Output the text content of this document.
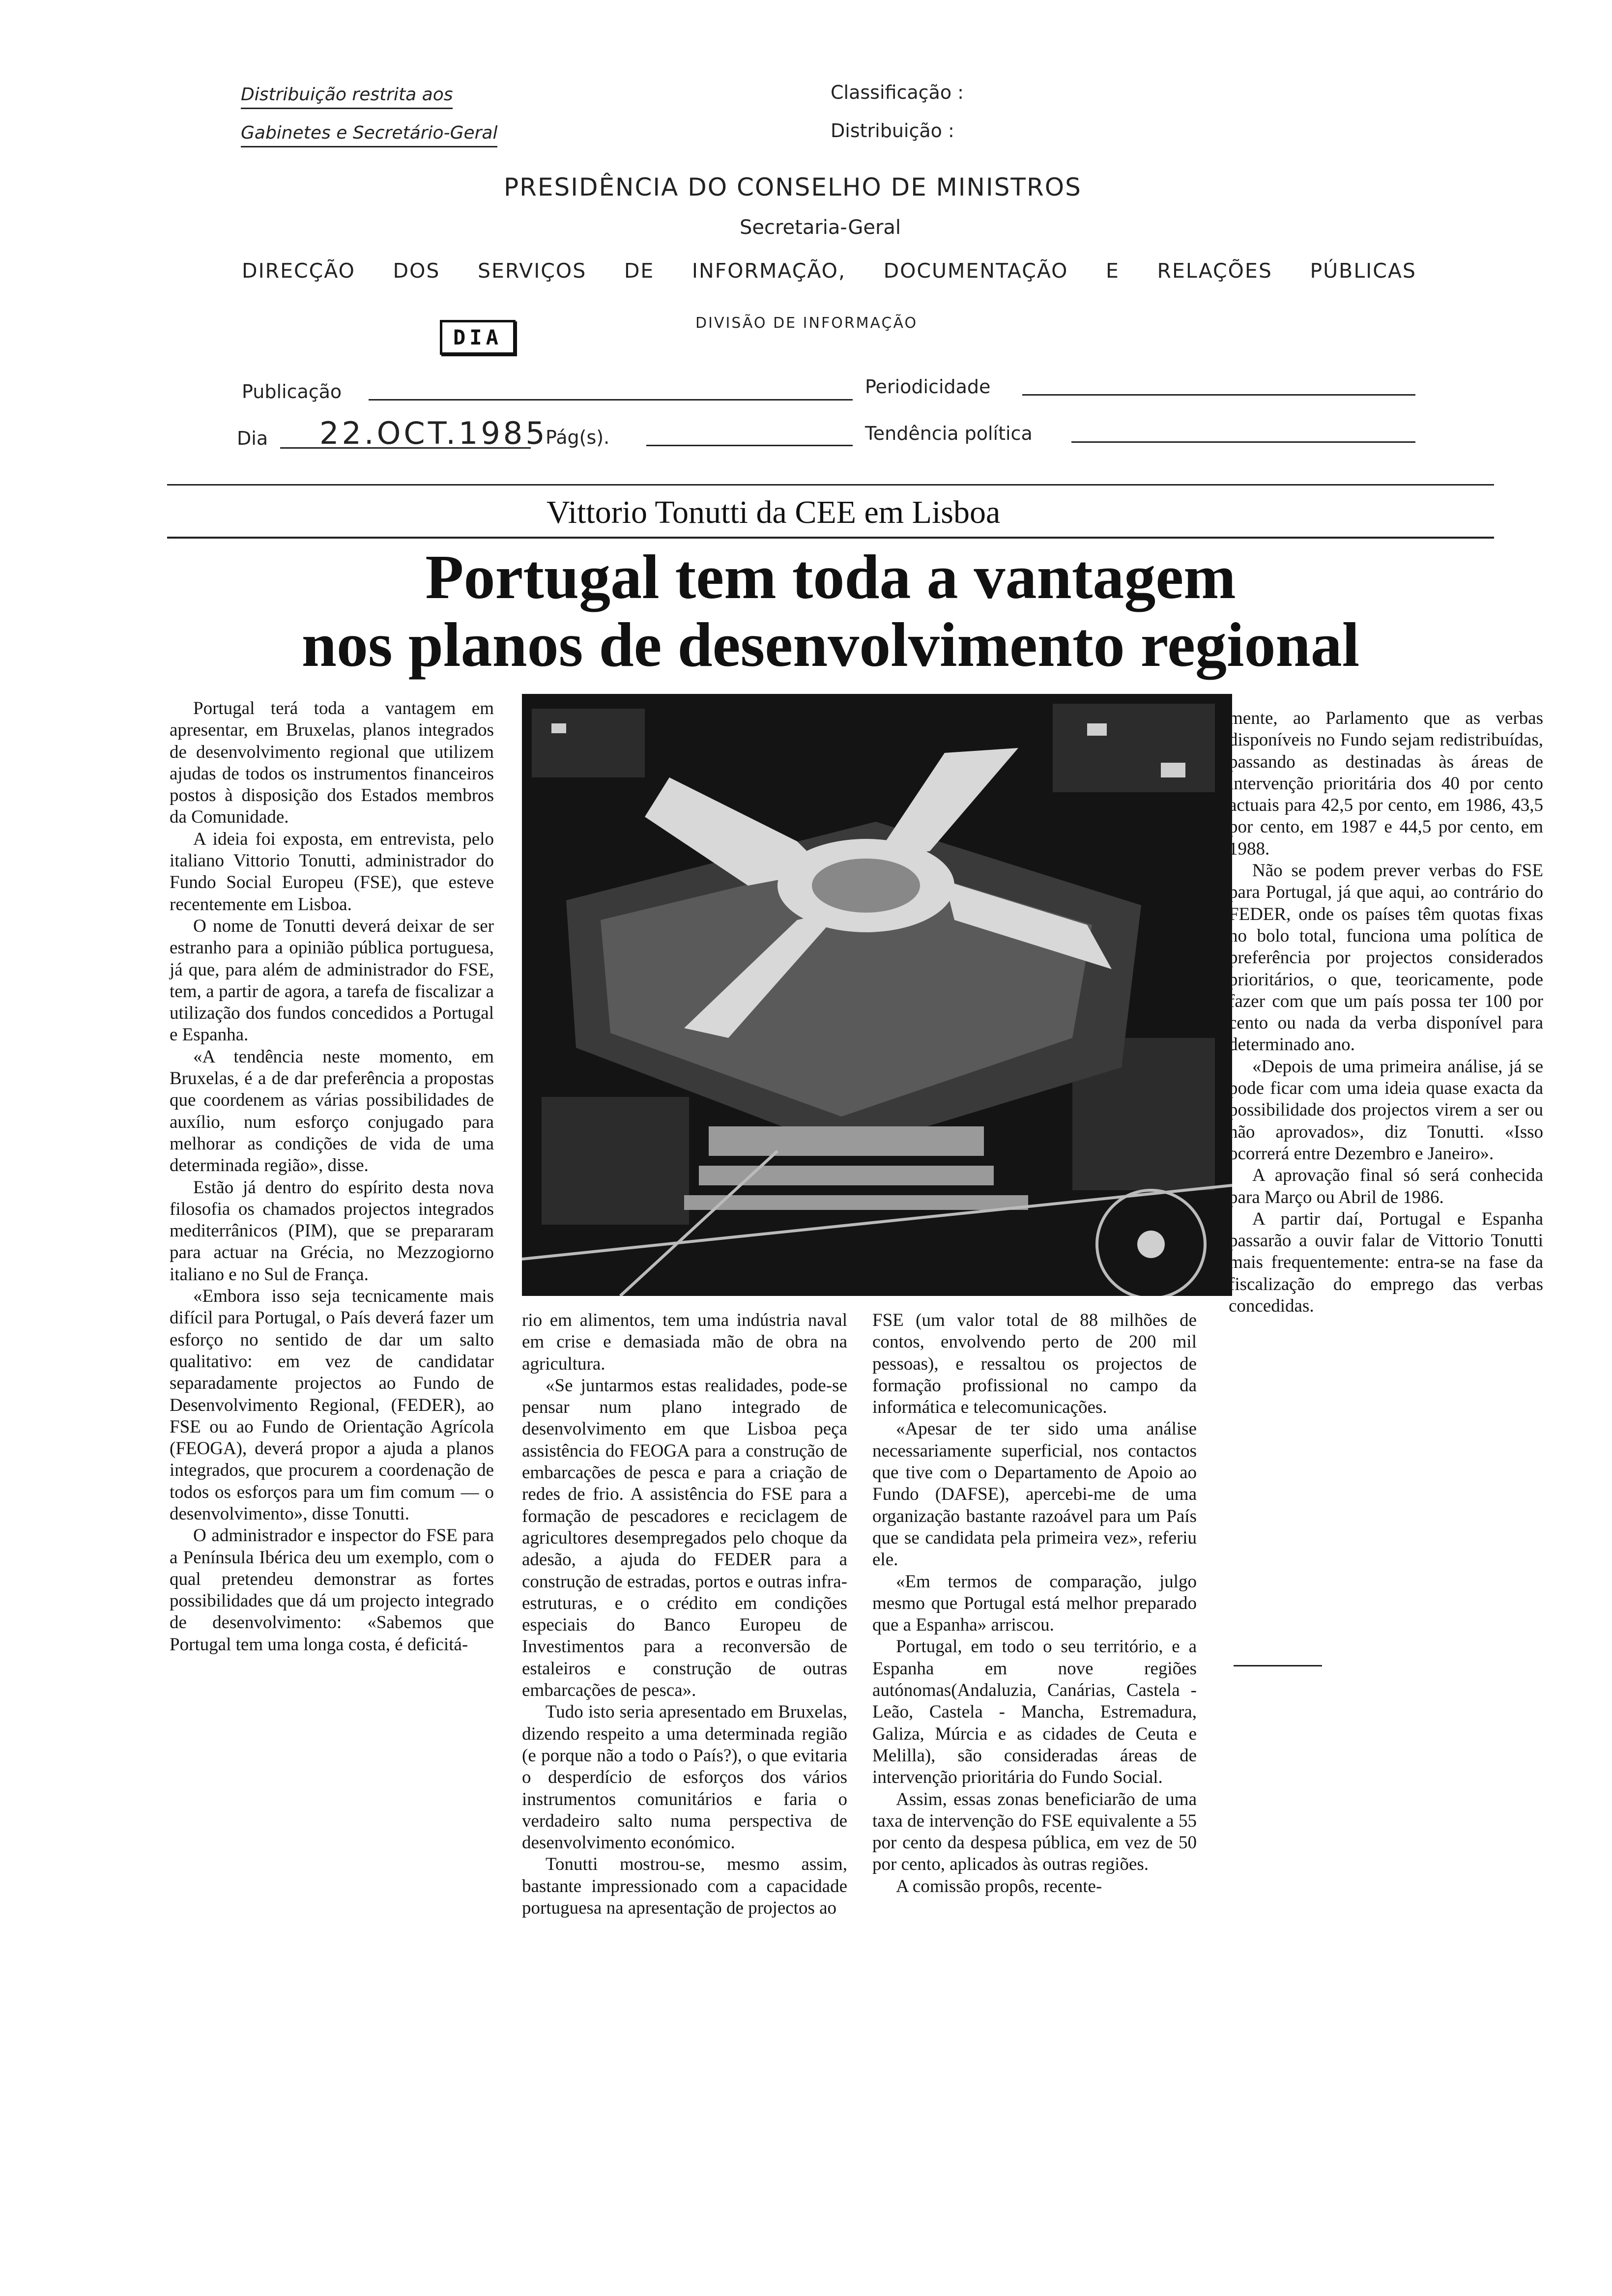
Distribuição restrita aos
Gabinetes e Secretário-Geral
Classificação :
Distribuição :
PRESIDÊNCIA DO CONSELHO DE MINISTROS
Secretaria-Geral
DIRECÇÃO DOS SERVIÇOS DE INFORMAÇÃO, DOCUMENTAÇÃO E RELAÇÕES PÚBLICAS
DIVISÃO DE INFORMAÇÃO
DIA
Publicação	Periodicidade
Dia 22.OCT.1985
Pág(s).	Tendência política
Vittorio Tonutti da CEE em Lisboa
Portugal tem toda a vantagem
nos planos de desenvolvimento regional

Portugal terá toda a vantagem em apresentar, em Bruxelas, planos integrados de desenvolvimento regional que utilizem ajudas de todos os instrumentos financeiros postos à disposição dos Estados membros da Comunidade.

A ideia foi exposta, em entrevista, pelo italiano Vittorio Tonutti, administrador do Fundo Social Europeu (FSE), que esteve recentemente em Lisboa.

O nome de Tonutti deverá deixar de ser estranho para a opinião pública portuguesa, já que, para além de administrador do FSE, tem, a partir de agora, a tarefa de fiscalizar a utilização dos fundos concedidos a Portugal e Espanha.

«A tendência neste momento, em Bruxelas, é a de dar preferência a propostas que coordenem as várias possibilidades de auxílio, num esforço conjugado para melhorar as condições de vida de uma determinada região», disse.

Estão já dentro do espírito desta nova filosofia os chamados projectos integrados mediterrânicos (PIM), que se prepararam para actuar na Grécia, no Mezzogiorno italiano e no Sul de França.

«Embora isso seja tecnicamente mais difícil para Portugal, o País deverá fazer um esforço no sentido de dar um salto qualitativo: em vez de candidatar separadamente projectos ao Fundo de Desenvolvimento Regional, (FEDER), ao FSE ou ao Fundo de Orientação Agrícola (FEOGA), deverá propor a ajuda a planos integrados, que procurem a coordenação de todos os esforços para um fim comum — o desenvolvimento», disse Tonutti.

O administrador e inspector do FSE para a Península Ibérica deu um exemplo, com o qual pretendeu demonstrar as fortes possibilidades que dá um projecto integrado de desenvolvimento: «Sabemos que Portugal tem uma longa costa, é deficitá-

rio em alimentos, tem uma indústria naval em crise e demasiada mão de obra na agricultura.

«Se juntarmos estas realidades, pode-se pensar num plano integrado de desenvolvimento em que Lisboa peça assistência do FEOGA para a construção de embarcações de pesca e para a criação de redes de frio. A assistência do FSE para a formação de pescadores e reciclagem de agricultores desempregados pelo choque da adesão, a ajuda do FEDER para a construção de estradas, portos e outras infra-estruturas, e o crédito em condições especiais do Banco Europeu de Investimentos para a reconversão de estaleiros e construção de outras embarcações de pesca».

Tudo isto seria apresentado em Bruxelas, dizendo respeito a uma determinada região (e porque não a todo o País?), o que evitaria o desperdício de esforços dos vários instrumentos comunitários e faria o verdadeiro salto numa perspectiva de desenvolvimento económico.

Tonutti mostrou-se, mesmo assim, bastante impressionado com a capacidade portuguesa na apresentação de projectos ao

FSE (um valor total de 88 milhões de contos, envolvendo perto de 200 mil pessoas), e ressaltou os projectos de formação profissional no campo da informática e telecomunicações.

«Apesar de ter sido uma análise necessariamente superficial, nos contactos que tive com o Departamento de Apoio ao Fundo (DAFSE), apercebi-me de uma organização bastante razoável para um País que se candidata pela primeira vez», referiu ele.

«Em termos de comparação, julgo mesmo que Portugal está melhor preparado que a Espanha» arriscou.

Portugal, em todo o seu território, e a Espanha em nove regiões autónomas(Andaluzia, Canárias, Castela - Leão, Castela - Mancha, Estremadura, Galiza, Múrcia e as cidades de Ceuta e Melilla), são consideradas áreas de intervenção prioritária do Fundo Social.

Assim, essas zonas beneficiarão de uma taxa de intervenção do FSE equivalente a 55 por cento da despesa pública, em vez de 50 por cento, aplicados às outras regiões.

A comissão propôs, recente-

mente, ao Parlamento que as verbas disponíveis no Fundo sejam redistribuídas, passando as destinadas às áreas de intervenção prioritária dos 40 por cento actuais para 42,5 por cento, em 1986, 43,5 por cento, em 1987 e 44,5 por cento, em 1988.

Não se podem prever verbas do FSE para Portugal, já que aqui, ao contrário do FEDER, onde os países têm quotas fixas no bolo total, funciona uma política de preferência por projectos considerados prioritários, o que, teoricamente, pode fazer com que um país possa ter 100 por cento ou nada da verba disponível para determinado ano.

«Depois de uma primeira análise, já se pode ficar com uma ideia quase exacta da possibilidade dos projectos virem a ser ou não aprovados», diz Tonutti. «Isso ocorrerá entre Dezembro e Janeiro».

A aprovação final só será conhecida para Março ou Abril de 1986.

A partir daí, Portugal e Espanha passarão a ouvir falar de Vittorio Tonutti mais frequentemente: entra-se na fase da fiscalização do emprego das verbas concedidas.
